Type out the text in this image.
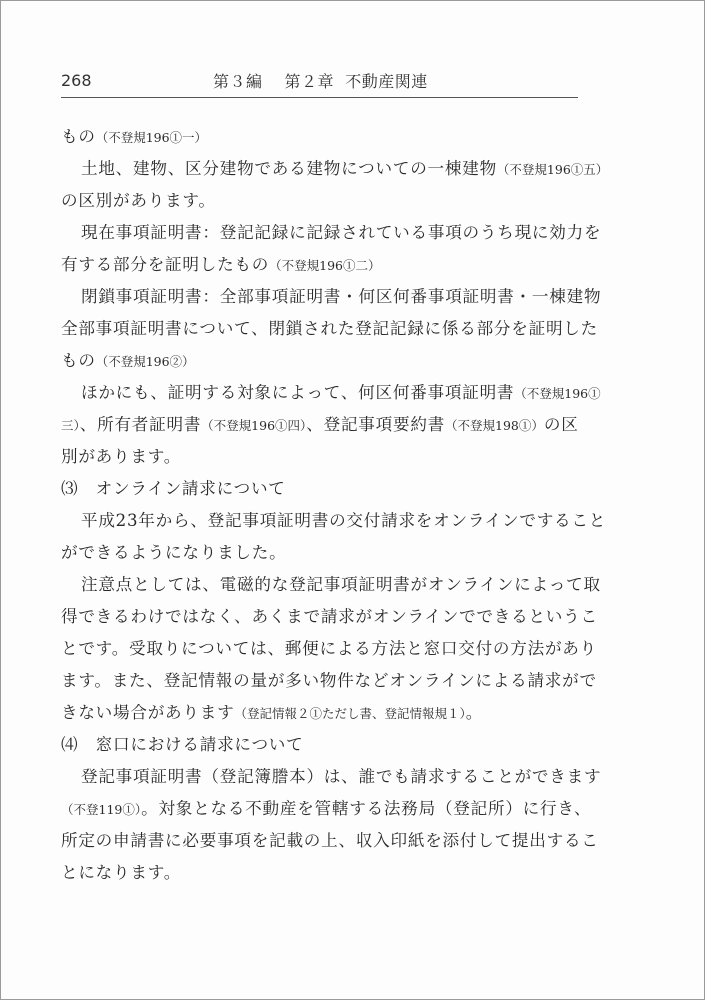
268	第３編 第２章 不動産関連
もの（不登規196①一）
土地、建物、区分建物である建物についての一棟建物（不登規196①五）
の区別があります。
現在事項証明書：登記記録に記録されている事項のうち現に効力を
有する部分を証明したもの（不登規196①二）
閉鎖事項証明書：全部事項証明書・何区何番事項証明書・一棟建物
全部事項証明書について、閉鎖された登記記録に係る部分を証明した
もの（不登規196②）
ほかにも、証明する対象によって、何区何番事項証明書（不登規196①
三）、所有者証明書（不登規196①四）、登記事項要約書（不登規198①）の区
別があります。
⑶　オンライン請求について
平成23年から、登記事項証明書の交付請求をオンラインですること
ができるようになりました。
注意点としては、電磁的な登記事項証明書がオンラインによって取
得できるわけではなく、あくまで請求がオンラインでできるというこ
とです。受取りについては、郵便による方法と窓口交付の方法があり
ます。また、登記情報の量が多い物件などオンラインによる請求がで
きない場合があります（登記情報２①ただし書、登記情報規１）。
⑷　窓口における請求について
登記事項証明書（登記簿謄本）は、誰でも請求することができます
（不登119①）。対象となる不動産を管轄する法務局（登記所）に行き、
所定の申請書に必要事項を記載の上、収入印紙を添付して提出するこ
とになります。
